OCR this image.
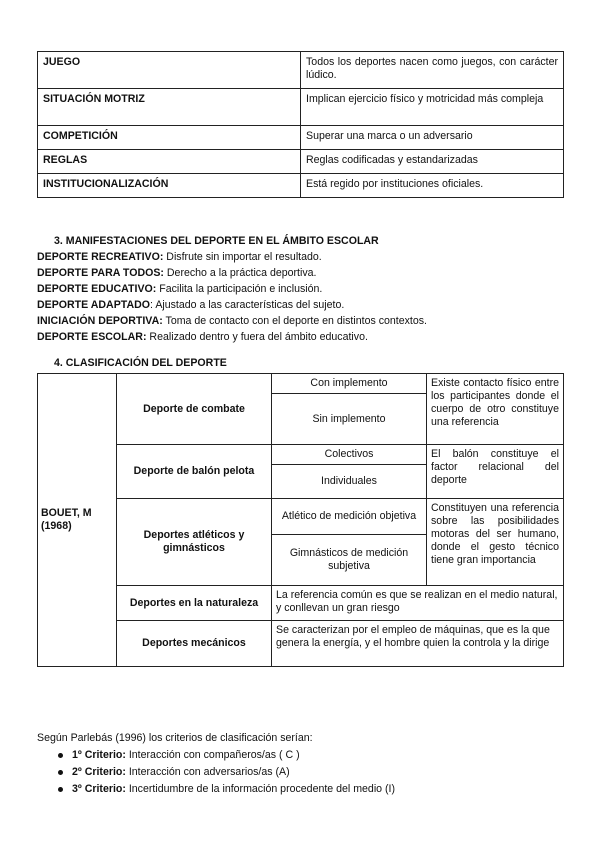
JUEGO	Todos los deportes nacen como juegos, con carácter lúdico.
SITUACIÓN MOTRIZ	Implican ejercicio físico y motricidad más compleja
COMPETICIÓN	Superar una marca o un adversario
REGLAS	Reglas codificadas y estandarizadas
INSTITUCIONALIZACIÓN	Está regido por instituciones oficiales.
3. MANIFESTACIONES DEL DEPORTE EN EL ÁMBITO ESCOLAR
DEPORTE RECREATIVO: Disfrute sin importar el resultado.
DEPORTE PARA TODOS: Derecho a la práctica deportiva.
DEPORTE EDUCATIVO: Facilita la participación e inclusión.
DEPORTE ADAPTADO: Ajustado a las características del sujeto.
INICIACIÓN DEPORTIVA: Toma de contacto con el deporte en distintos contextos.
DEPORTE ESCOLAR: Realizado dentro y fuera del ámbito educativo.
4. CLASIFICACIÓN DEL DEPORTE
BOUET, M (1968)	Deporte de combate	Con implemento	Existe contacto físico entre los participantes donde el cuerpo de otro constituye una referencia
		Sin implemento	
	Deporte de balón pelota	Colectivos	El balón constituye el factor relacional del deporte
		Individuales	
	Deportes atléticos y gimnásticos	Atlético de medición objetiva	Constituyen una referencia sobre las posibilidades motoras del ser humano, donde el gesto técnico tiene gran importancia
		Gimnásticos de medición subjetiva	
	Deportes en la naturaleza	La referencia común es que se realizan en el medio natural, y conllevan un gran riesgo	
	Deportes mecánicos	Se caracterizan por el empleo de máquinas, que es la que genera la energía, y el hombre quien la controla y la dirige	
Según Parlebás (1996) los criterios de clasificación serían:
1º Criterio: Interacción con compañeros/as ( C )
2º Criterio: Interacción con adversarios/as (A)
3º Criterio: Incertidumbre de la información procedente del medio (I)
